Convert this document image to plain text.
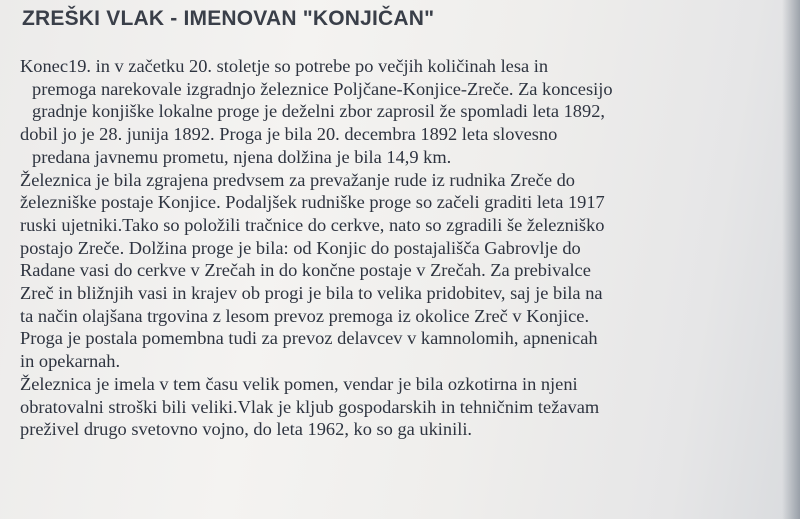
ZREŠKI VLAK - IMENOVAN "KONJIČAN"
Konec19. in v začetku 20. stoletje so potrebe po večjih količinah lesa in
premoga narekovale izgradnjo železnice Poljčane-Konjice-Zreče. Za koncesijo
gradnje konjiške lokalne proge je deželni zbor zaprosil že spomladi leta 1892,
dobil jo je 28. junija 1892. Proga je bila 20. decembra 1892 leta slovesno
predana javnemu prometu, njena dolžina je bila 14,9 km.
Železnica je bila zgrajena predvsem za prevažanje rude iz rudnika Zreče do
železniške postaje Konjice. Podaljšek rudniške proge so začeli graditi leta 1917
ruski ujetniki.Tako so položili tračnice do cerkve, nato so zgradili še železniško
postajo Zreče. Dolžina proge je bila: od Konjic do postajališča Gabrovlje do
Radane vasi do cerkve v Zrečah in do končne postaje v Zrečah. Za prebivalce
Zreč in bližnjih vasi in krajev ob progi je bila to velika pridobitev, saj je bila na
ta način olajšana trgovina z lesom prevoz premoga iz okolice Zreč v Konjice.
Proga je postala pomembna tudi za prevoz delavcev v kamnolomih, apnenicah
in opekarnah.
Železnica je imela v tem času velik pomen, vendar je bila ozkotirna in njeni
obratovalni stroški bili veliki.Vlak je kljub gospodarskih in tehničnim težavam
preživel drugo svetovno vojno, do leta 1962, ko so ga ukinili.
